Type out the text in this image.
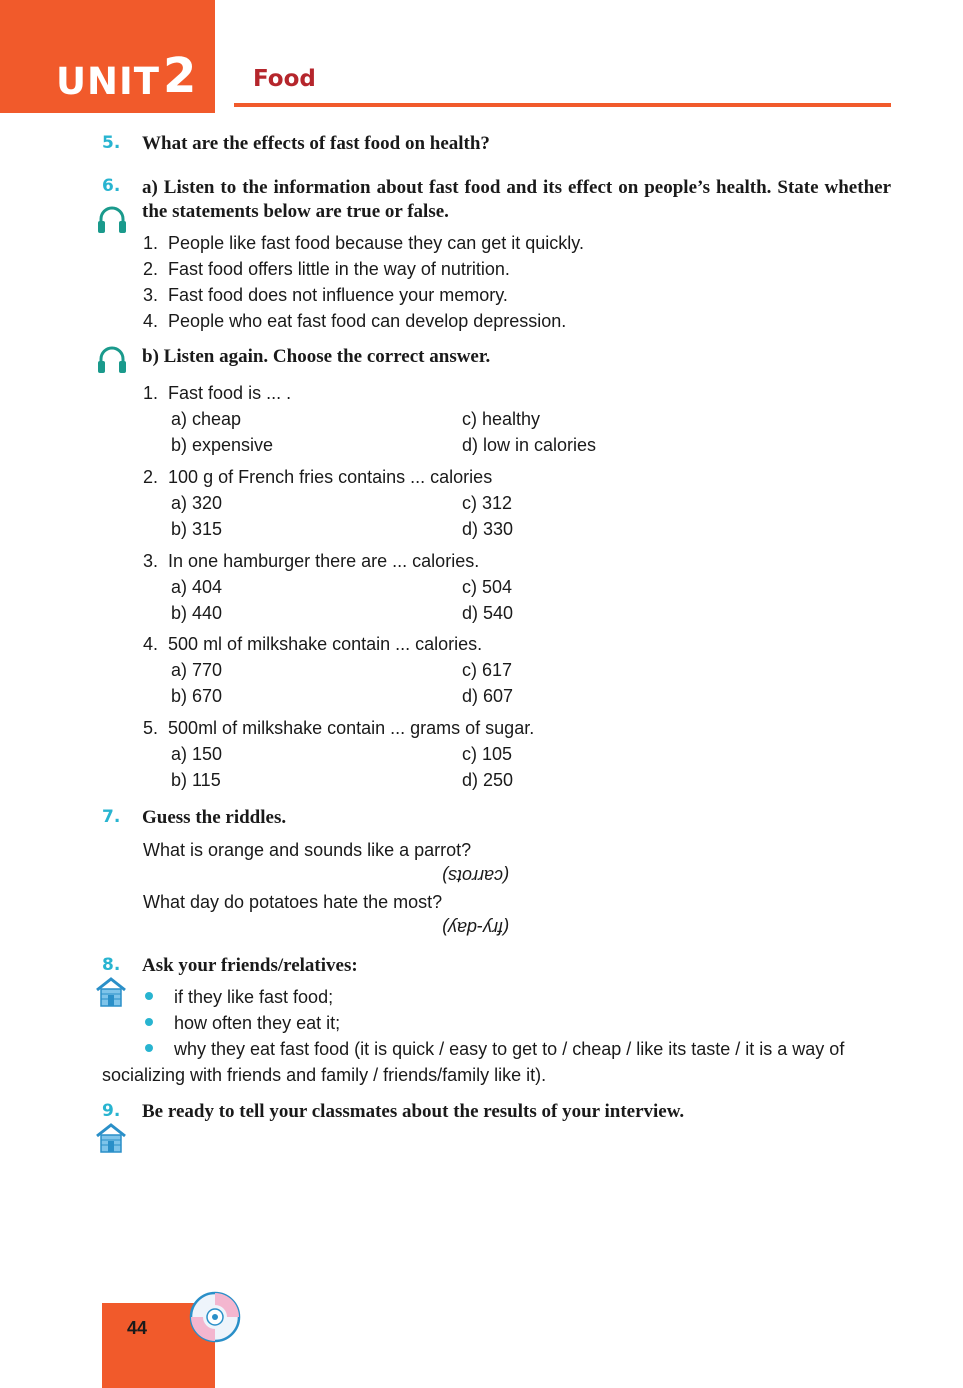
UNIT 2 Food
5. What are the effects of fast food on health?
6. a) Listen to the information about fast food and its effect on people’s health. State whether the statements below are true or false.
1. People like fast food because they can get it quickly.
2. Fast food offers little in the way of nutrition.
3. Fast food does not influence your memory.
4. People who eat fast food can develop depression.
b) Listen again. Choose the correct answer.
1. Fast food is ... .
a) cheap
b) expensive
c) healthy
d) low in calories
2. 100 g of French fries contains ... calories
a) 320
b) 315
c) 312
d) 330
3. In one hamburger there are ... calories.
a) 404
b) 440
c) 504
d) 540
4. 500 ml of milkshake contain ... calories.
a) 770
b) 670
c) 617
d) 607
5. 500ml of milkshake contain ... grams of sugar.
a) 150
b) 115
c) 105
d) 250
7. Guess the riddles.
What is orange and sounds like a parrot?
(carrots)
What day do potatoes hate the most?
(fry-day)
8. Ask your friends/relatives:
if they like fast food;
how often they eat it;
why they eat fast food (it is quick / easy to get to / cheap / like its taste / it is a way of
socializing with friends and family / friends/family like it).
9. Be ready to tell your classmates about the results of your interview.
44
